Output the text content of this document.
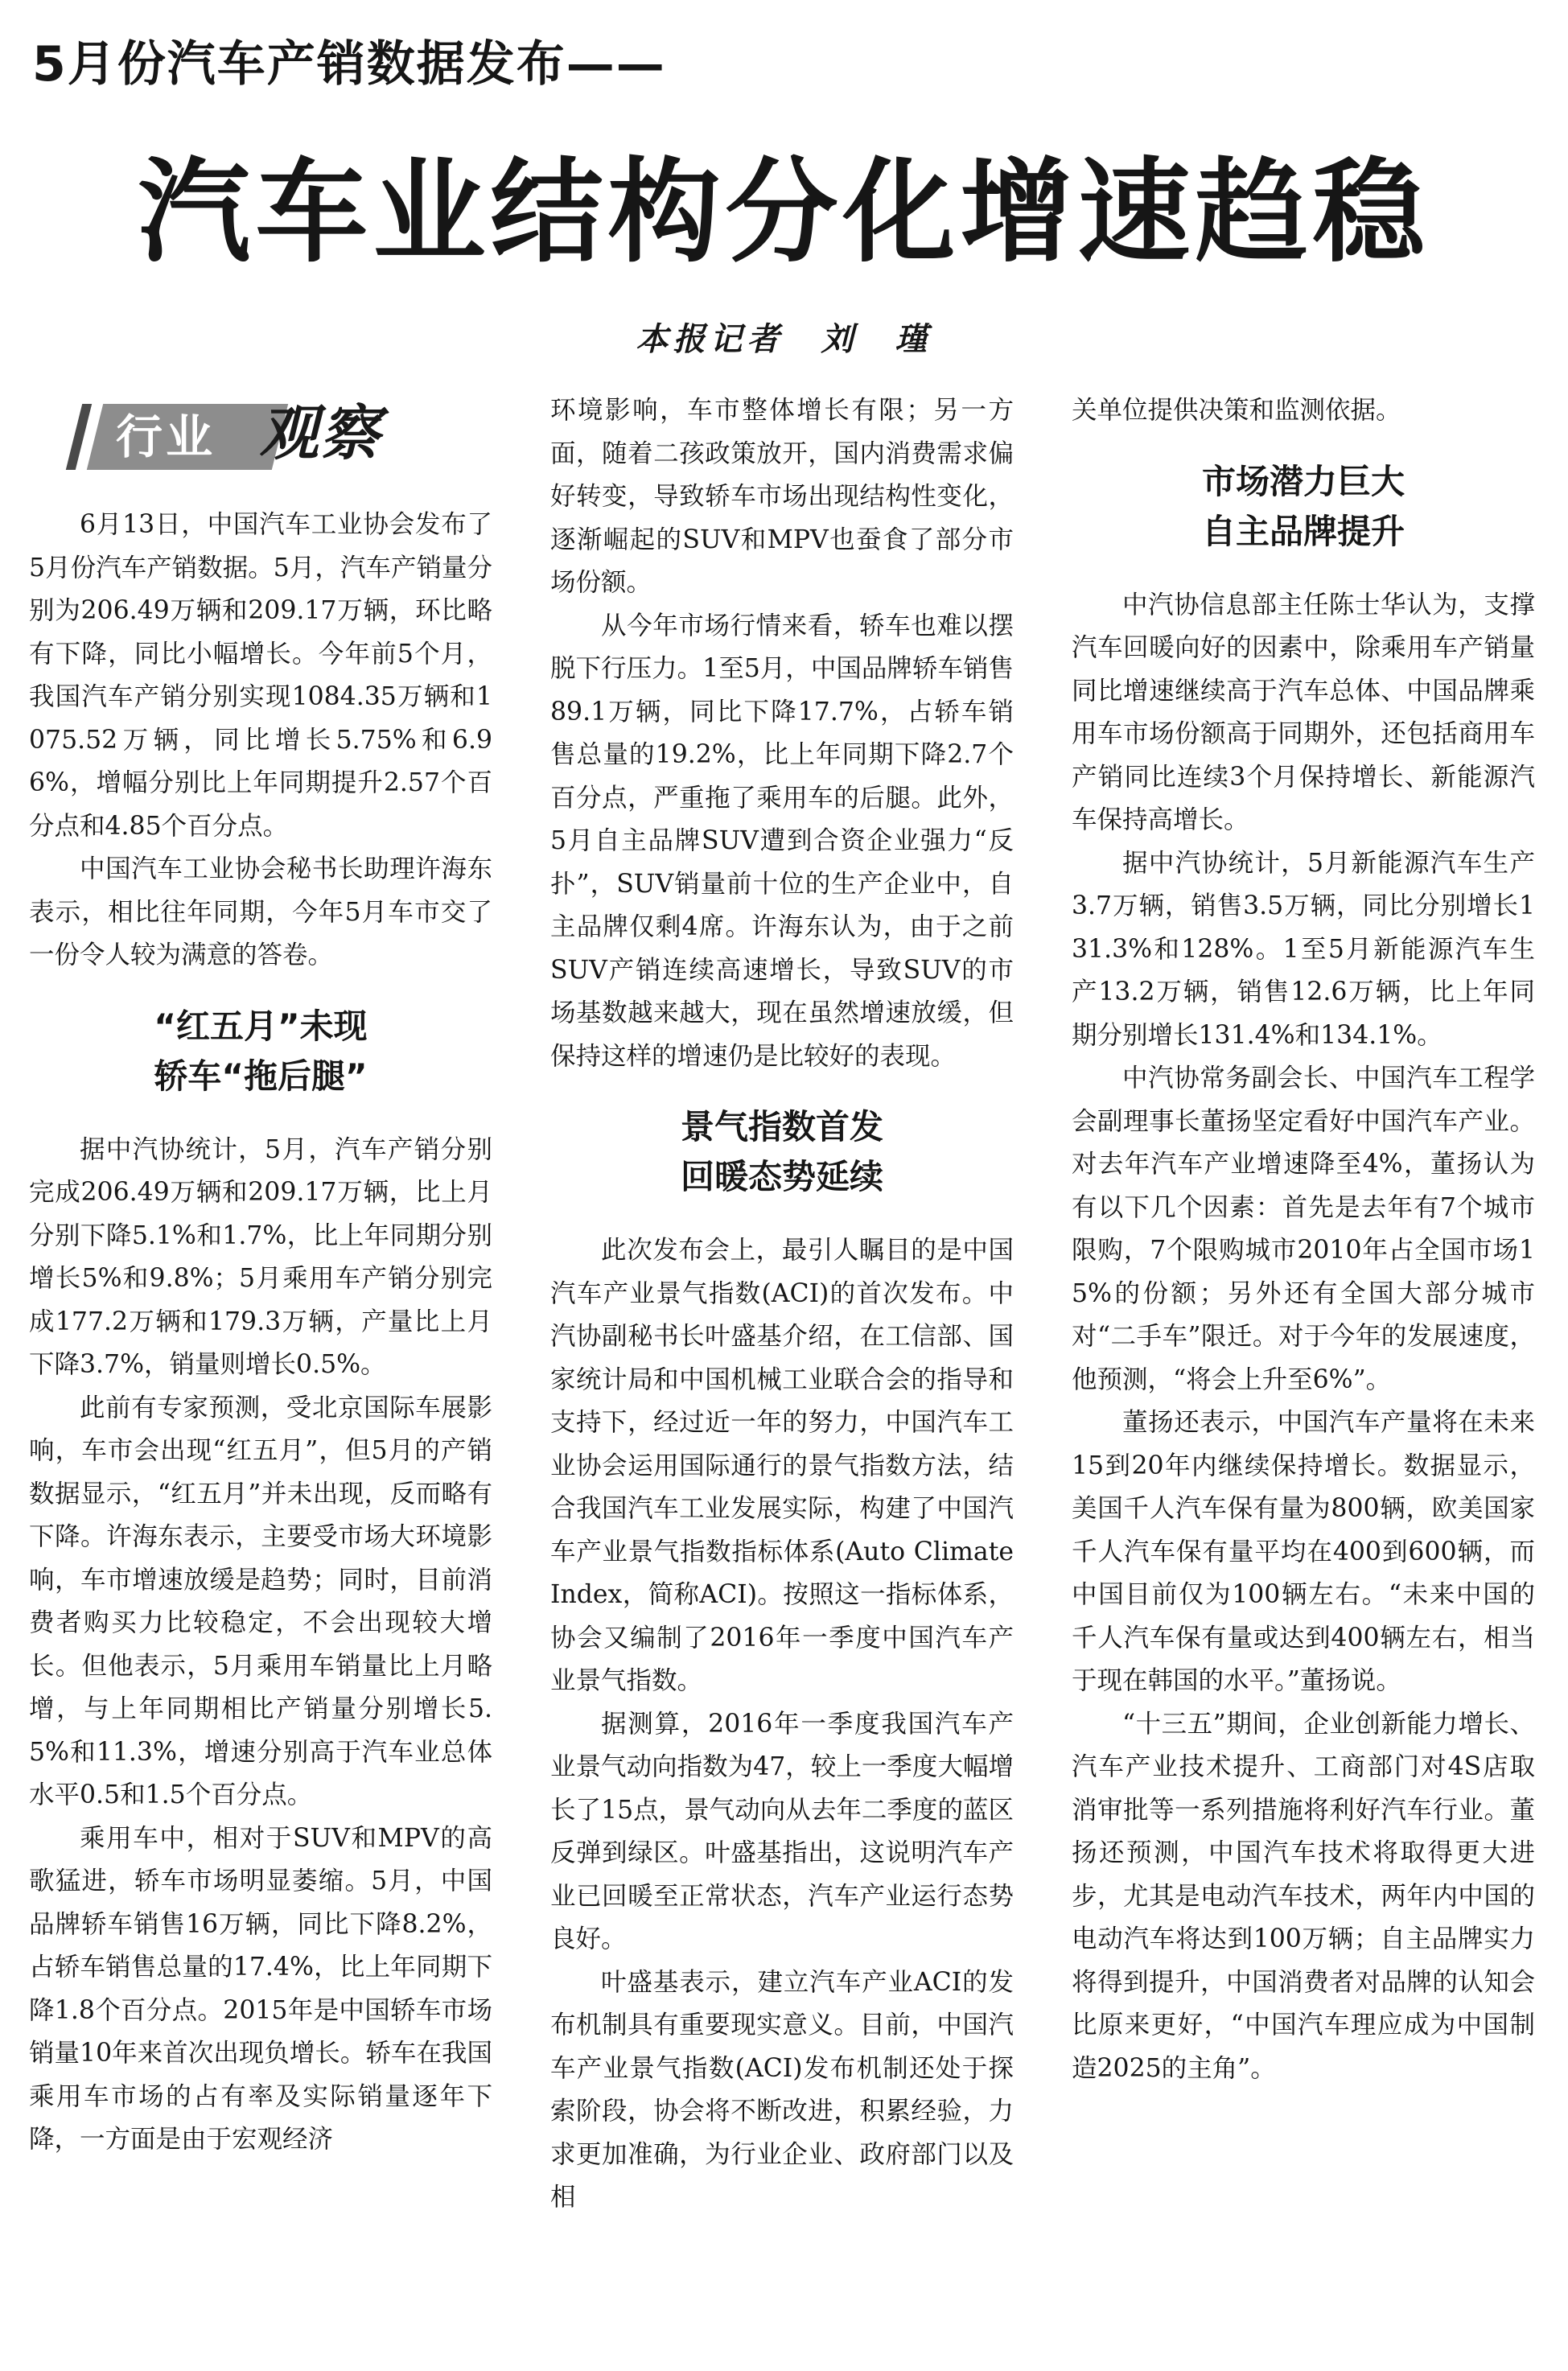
5月份汽车产销数据发布——
汽车业结构分化增速趋稳
本报记者　刘　瑾
行业 观察

6月13日，中国汽车工业协会发布了5月份汽车产销数据。5月，汽车产销量分别为206.49万辆和209.17万辆，环比略有下降，同比小幅增长。今年前5个月，我国汽车产销分别实现1084.35万辆和1075.52万辆，同比增长5.75%和6.96%，增幅分别比上年同期提升2.57个百分点和4.85个百分点。

中国汽车工业协会秘书长助理许海东表示，相比往年同期，今年5月车市交了一份令人较为满意的答卷。

“红五月”未现
轿车“拖后腿”

据中汽协统计，5月，汽车产销分别完成206.49万辆和209.17万辆，比上月分别下降5.1%和1.7%，比上年同期分别增长5%和9.8%；5月乘用车产销分别完成177.2万辆和179.3万辆，产量比上月下降3.7%，销量则增长0.5%。

此前有专家预测，受北京国际车展影响，车市会出现“红五月”，但5月的产销数据显示，“红五月”并未出现，反而略有下降。许海东表示，主要受市场大环境影响，车市增速放缓是趋势；同时，目前消费者购买力比较稳定，不会出现较大增长。但他表示，5月乘用车销量比上月略增，与上年同期相比产销量分别增长5.5%和11.3%，增速分别高于汽车业总体水平0.5和1.5个百分点。

乘用车中，相对于SUV和MPV的高歌猛进，轿车市场明显萎缩。5月，中国品牌轿车销售16万辆，同比下降8.2%，占轿车销售总量的17.4%，比上年同期下降1.8个百分点。2015年是中国轿车市场销量10年来首次出现负增长。轿车在我国乘用车市场的占有率及实际销量逐年下降，一方面是由于宏观经济

环境影响，车市整体增长有限；另一方面，随着二孩政策放开，国内消费需求偏好转变，导致轿车市场出现结构性变化，逐渐崛起的SUV和MPV也蚕食了部分市场份额。

从今年市场行情来看，轿车也难以摆脱下行压力。1至5月，中国品牌轿车销售89.1万辆，同比下降17.7%，占轿车销售总量的19.2%，比上年同期下降2.7个百分点，严重拖了乘用车的后腿。此外，5月自主品牌SUV遭到合资企业强力“反扑”，SUV销量前十位的生产企业中，自主品牌仅剩4席。许海东认为，由于之前SUV产销连续高速增长，导致SUV的市场基数越来越大，现在虽然增速放缓，但保持这样的增速仍是比较好的表现。

景气指数首发
回暖态势延续

此次发布会上，最引人瞩目的是中国汽车产业景气指数(ACI)的首次发布。中汽协副秘书长叶盛基介绍，在工信部、国家统计局和中国机械工业联合会的指导和支持下，经过近一年的努力，中国汽车工业协会运用国际通行的景气指数方法，结合我国汽车工业发展实际，构建了中国汽车产业景气指数指标体系(Auto Climate Index，简称ACI)。按照这一指标体系，协会又编制了2016年一季度中国汽车产业景气指数。

据测算，2016年一季度我国汽车产业景气动向指数为47，较上一季度大幅增长了15点，景气动向从去年二季度的蓝区反弹到绿区。叶盛基指出，这说明汽车产业已回暖至正常状态，汽车产业运行态势良好。

叶盛基表示，建立汽车产业ACI的发布机制具有重要现实意义。目前，中国汽车产业景气指数(ACI)发布机制还处于探索阶段，协会将不断改进，积累经验，力求更加准确，为行业企业、政府部门以及相

关单位提供决策和监测依据。

市场潜力巨大
自主品牌提升

中汽协信息部主任陈士华认为，支撑汽车回暖向好的因素中，除乘用车产销量同比增速继续高于汽车总体、中国品牌乘用车市场份额高于同期外，还包括商用车产销同比连续3个月保持增长、新能源汽车保持高增长。

据中汽协统计，5月新能源汽车生产3.7万辆，销售3.5万辆，同比分别增长131.3%和128%。1至5月新能源汽车生产13.2万辆，销售12.6万辆，比上年同期分别增长131.4%和134.1%。

中汽协常务副会长、中国汽车工程学会副理事长董扬坚定看好中国汽车产业。对去年汽车产业增速降至4%，董扬认为有以下几个因素：首先是去年有7个城市限购，7个限购城市2010年占全国市场15%的份额；另外还有全国大部分城市对“二手车”限迁。对于今年的发展速度，他预测，“将会上升至6%”。

董扬还表示，中国汽车产量将在未来15到20年内继续保持增长。数据显示，美国千人汽车保有量为800辆，欧美国家千人汽车保有量平均在400到600辆，而中国目前仅为100辆左右。“未来中国的千人汽车保有量或达到400辆左右，相当于现在韩国的水平。”董扬说。

“十三五”期间，企业创新能力增长、汽车产业技术提升、工商部门对4S店取消审批等一系列措施将利好汽车行业。董扬还预测，中国汽车技术将取得更大进步，尤其是电动汽车技术，两年内中国的电动汽车将达到100万辆；自主品牌实力将得到提升，中国消费者对品牌的认知会比原来更好，“中国汽车理应成为中国制造2025的主角”。
